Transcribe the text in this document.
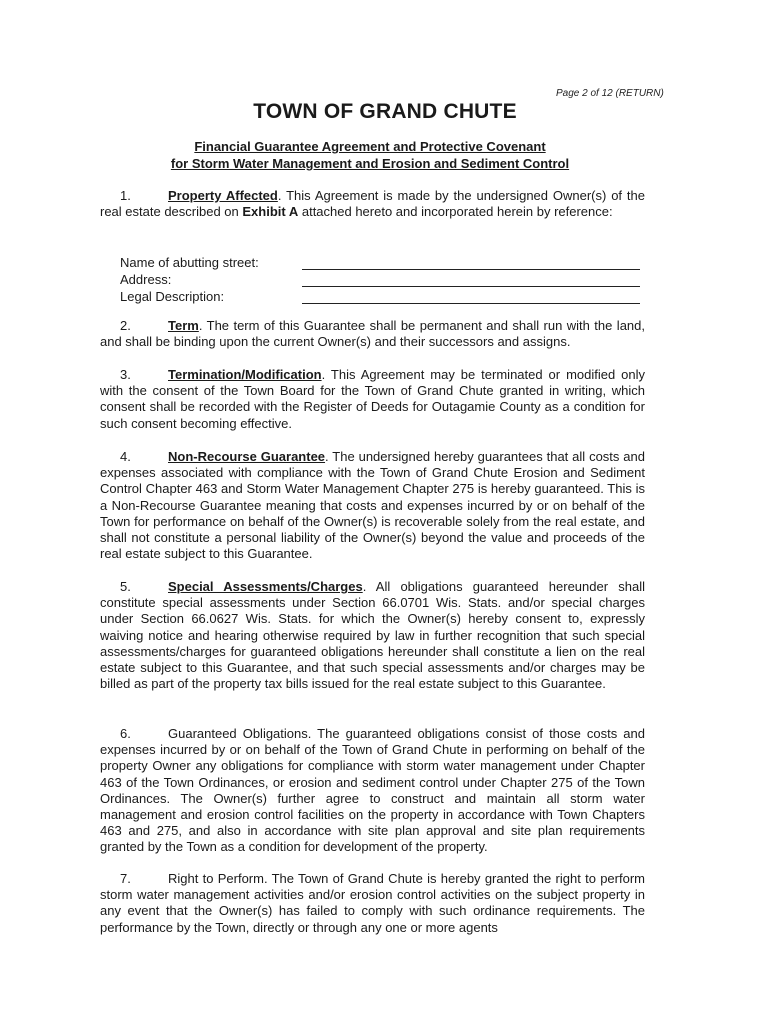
Page 2 of 12 (RETURN)
TOWN OF GRAND CHUTE
Financial Guarantee Agreement and Protective Covenant
for Storm Water Management and Erosion and Sediment Control
1.	Property Affected. This Agreement is made by the undersigned Owner(s) of the real estate described on Exhibit A attached hereto and incorporated herein by reference:
Name of abutting street:
Address:
Legal Description:
2.	Term. The term of this Guarantee shall be permanent and shall run with the land, and shall be binding upon the current Owner(s) and their successors and assigns.
3.	Termination/Modification. This Agreement may be terminated or modified only with the consent of the Town Board for the Town of Grand Chute granted in writing, which consent shall be recorded with the Register of Deeds for Outagamie County as a condition for such consent becoming effective.
4.	Non-Recourse Guarantee. The undersigned hereby guarantees that all costs and expenses associated with compliance with the Town of Grand Chute Erosion and Sediment Control Chapter 463 and Storm Water Management Chapter 275 is hereby guaranteed. This is a Non-Recourse Guarantee meaning that costs and expenses incurred by or on behalf of the Town for performance on behalf of the Owner(s) is recoverable solely from the real estate, and shall not constitute a personal liability of the Owner(s) beyond the value and proceeds of the real estate subject to this Guarantee.
5.	Special Assessments/Charges. All obligations guaranteed hereunder shall constitute special assessments under Section 66.0701 Wis. Stats. and/or special charges under Section 66.0627 Wis. Stats. for which the Owner(s) hereby consent to, expressly waiving notice and hearing otherwise required by law in further recognition that such special assessments/charges for guaranteed obligations hereunder shall constitute a lien on the real estate subject to this Guarantee, and that such special assessments and/or charges may be billed as part of the property tax bills issued for the real estate subject to this Guarantee.
6.	Guaranteed Obligations. The guaranteed obligations consist of those costs and expenses incurred by or on behalf of the Town of Grand Chute in performing on behalf of the property Owner any obligations for compliance with storm water management under Chapter 463 of the Town Ordinances, or erosion and sediment control under Chapter 275 of the Town Ordinances. The Owner(s) further agree to construct and maintain all storm water management and erosion control facilities on the property in accordance with Town Chapters 463 and 275, and also in accordance with site plan approval and site plan requirements granted by the Town as a condition for development of the property.
7.	Right to Perform. The Town of Grand Chute is hereby granted the right to perform storm water management activities and/or erosion control activities on the subject property in any event that the Owner(s) has failed to comply with such ordinance requirements. The performance by the Town, directly or through any one or more agents
